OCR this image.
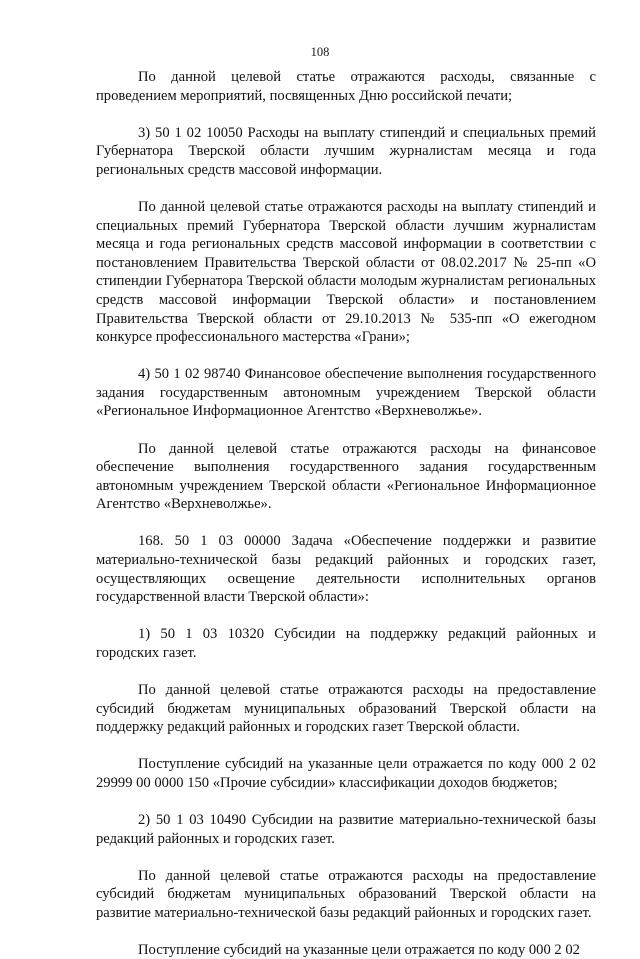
108

По данной целевой статье отражаются расходы, связанные с проведением мероприятий, посвященных Дню российской печати;

3) 50 1 02 10050 Расходы на выплату стипендий и специальных премий Губернатора Тверской области лучшим журналистам месяца и года региональных средств массовой информации.

По данной целевой статье отражаются расходы на выплату стипендий и специальных премий Губернатора Тверской области лучшим журналистам месяца и года региональных средств массовой информации в соответствии с постановлением Правительства Тверской области от 08.02.2017 № 25-пп «О стипендии Губернатора Тверской области молодым журналистам региональных средств массовой информации Тверской области» и постановлением Правительства Тверской области от 29.10.2013 № 535-пп «О ежегодном конкурсе профессионального мастерства «Грани»;

4) 50 1 02 98740 Финансовое обеспечение выполнения государственного задания государственным автономным учреждением Тверской области «Региональное Информационное Агентство «Верхневолжье».

По данной целевой статье отражаются расходы на финансовое обеспечение выполнения государственного задания государственным автономным учреждением Тверской области «Региональное Информационное Агентство «Верхневолжье».

168. 50 1 03 00000 Задача «Обеспечение поддержки и развитие материально-технической базы редакций районных и городских газет, осуществляющих освещение деятельности исполнительных органов государственной власти Тверской области»:

1) 50 1 03 10320 Субсидии на поддержку редакций районных и городских газет.

По данной целевой статье отражаются расходы на предоставление субсидий бюджетам муниципальных образований Тверской области на поддержку редакций районных и городских газет Тверской области.

Поступление субсидий на указанные цели отражается по коду 000 2 02 29999 00 0000 150 «Прочие субсидии» классификации доходов бюджетов;

2) 50 1 03 10490 Субсидии на развитие материально-технической базы редакций районных и городских газет.

По данной целевой статье отражаются расходы на предоставление субсидий бюджетам муниципальных образований Тверской области на развитие материально-технической базы редакций районных и городских газет.

Поступление субсидий на указанные цели отражается по коду 000 2 02
